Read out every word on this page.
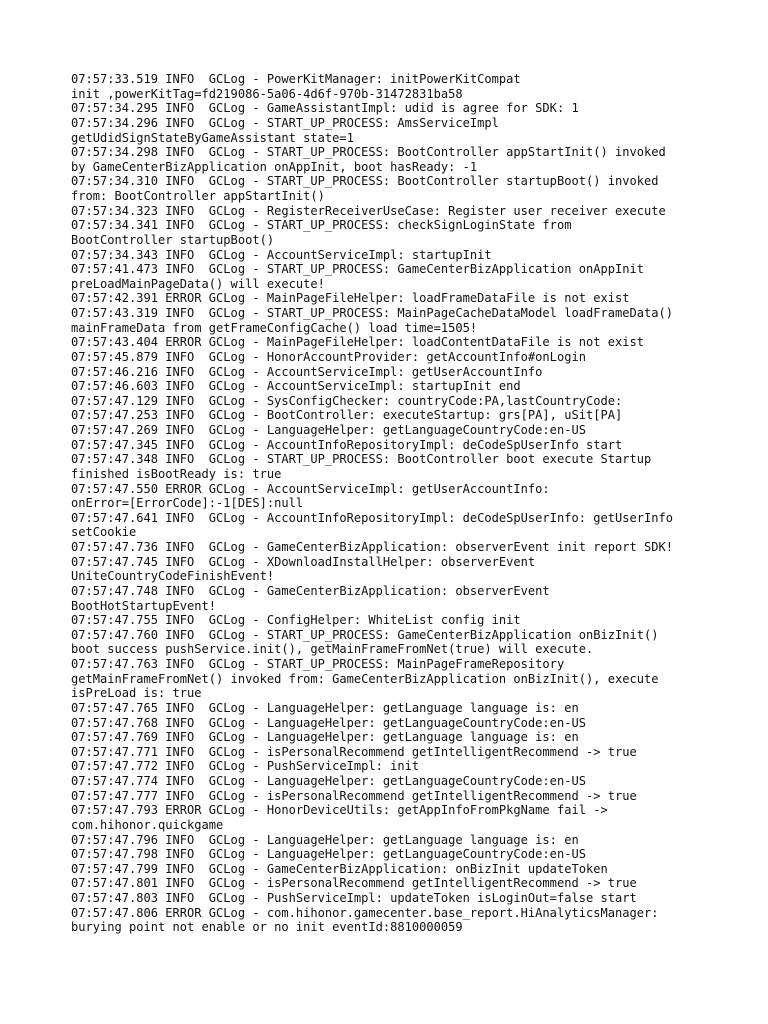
07:57:33.519 INFO  GCLog - PowerKitManager: initPowerKitCompat
init ,powerKitTag=fd219086-5a06-4d6f-970b-31472831ba58
07:57:34.295 INFO  GCLog - GameAssistantImpl: udid is agree for SDK: 1
07:57:34.296 INFO  GCLog - START_UP_PROCESS: AmsServiceImpl
getUdidSignStateByGameAssistant state=1
07:57:34.298 INFO  GCLog - START_UP_PROCESS: BootController appStartInit() invoked
by GameCenterBizApplication onAppInit, boot hasReady: -1
07:57:34.310 INFO  GCLog - START_UP_PROCESS: BootController startupBoot() invoked
from: BootController appStartInit()
07:57:34.323 INFO  GCLog - RegisterReceiverUseCase: Register user receiver execute
07:57:34.341 INFO  GCLog - START_UP_PROCESS: checkSignLoginState from
BootController startupBoot()
07:57:34.343 INFO  GCLog - AccountServiceImpl: startupInit
07:57:41.473 INFO  GCLog - START_UP_PROCESS: GameCenterBizApplication onAppInit
preLoadMainPageData() will execute!
07:57:42.391 ERROR GCLog - MainPageFileHelper: loadFrameDataFile is not exist
07:57:43.319 INFO  GCLog - START_UP_PROCESS: MainPageCacheDataModel loadFrameData()
mainFrameData from getFrameConfigCache() load time=1505!
07:57:43.404 ERROR GCLog - MainPageFileHelper: loadContentDataFile is not exist
07:57:45.879 INFO  GCLog - HonorAccountProvider: getAccountInfo#onLogin
07:57:46.216 INFO  GCLog - AccountServiceImpl: getUserAccountInfo
07:57:46.603 INFO  GCLog - AccountServiceImpl: startupInit end
07:57:47.129 INFO  GCLog - SysConfigChecker: countryCode:PA,lastCountryCode:
07:57:47.253 INFO  GCLog - BootController: executeStartup: grs[PA], uSit[PA]
07:57:47.269 INFO  GCLog - LanguageHelper: getLanguageCountryCode:en-US
07:57:47.345 INFO  GCLog - AccountInfoRepositoryImpl: deCodeSpUserInfo start
07:57:47.348 INFO  GCLog - START_UP_PROCESS: BootController boot execute Startup
finished isBootReady is: true
07:57:47.550 ERROR GCLog - AccountServiceImpl: getUserAccountInfo:
onError=[ErrorCode]:-1[DES]:null
07:57:47.641 INFO  GCLog - AccountInfoRepositoryImpl: deCodeSpUserInfo: getUserInfo
setCookie
07:57:47.736 INFO  GCLog - GameCenterBizApplication: observerEvent init report SDK!
07:57:47.745 INFO  GCLog - XDownloadInstallHelper: observerEvent
UniteCountryCodeFinishEvent!
07:57:47.748 INFO  GCLog - GameCenterBizApplication: observerEvent
BootHotStartupEvent!
07:57:47.755 INFO  GCLog - ConfigHelper: WhiteList config init
07:57:47.760 INFO  GCLog - START_UP_PROCESS: GameCenterBizApplication onBizInit()
boot success pushService.init(), getMainFrameFromNet(true) will execute.
07:57:47.763 INFO  GCLog - START_UP_PROCESS: MainPageFrameRepository
getMainFrameFromNet() invoked from: GameCenterBizApplication onBizInit(), execute
isPreLoad is: true
07:57:47.765 INFO  GCLog - LanguageHelper: getLanguage language is: en
07:57:47.768 INFO  GCLog - LanguageHelper: getLanguageCountryCode:en-US
07:57:47.769 INFO  GCLog - LanguageHelper: getLanguage language is: en
07:57:47.771 INFO  GCLog - isPersonalRecommend getIntelligentRecommend -> true
07:57:47.772 INFO  GCLog - PushServiceImpl: init
07:57:47.774 INFO  GCLog - LanguageHelper: getLanguageCountryCode:en-US
07:57:47.777 INFO  GCLog - isPersonalRecommend getIntelligentRecommend -> true
07:57:47.793 ERROR GCLog - HonorDeviceUtils: getAppInfoFromPkgName fail ->
com.hihonor.quickgame
07:57:47.796 INFO  GCLog - LanguageHelper: getLanguage language is: en
07:57:47.798 INFO  GCLog - LanguageHelper: getLanguageCountryCode:en-US
07:57:47.799 INFO  GCLog - GameCenterBizApplication: onBizInit updateToken
07:57:47.801 INFO  GCLog - isPersonalRecommend getIntelligentRecommend -> true
07:57:47.803 INFO  GCLog - PushServiceImpl: updateToken isLoginOut=false start
07:57:47.806 ERROR GCLog - com.hihonor.gamecenter.base_report.HiAnalyticsManager:
burying point not enable or no init eventId:8810000059
